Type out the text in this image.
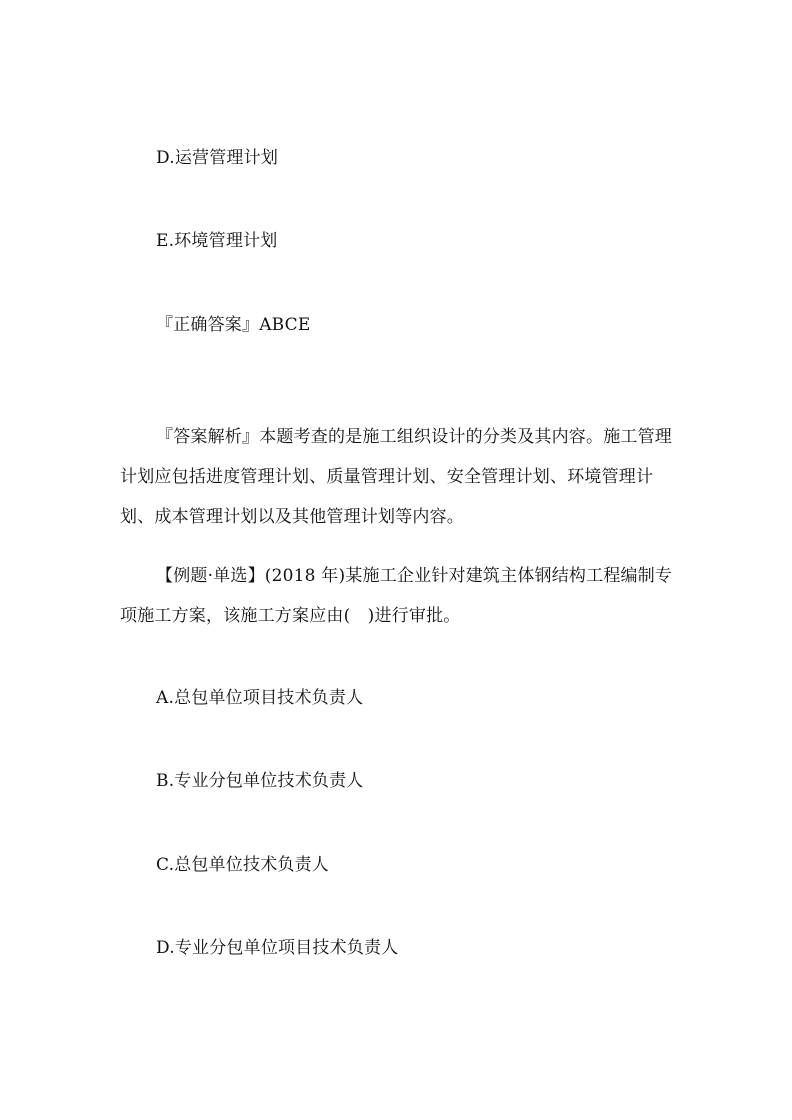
D.运营管理计划
E.环境管理计划
『正确答案』ABCE
『答案解析』本题考查的是施工组织设计的分类及其内容。施工管理计划应包括进度管理计划、质量管理计划、安全管理计划、环境管理计划、成本管理计划以及其他管理计划等内容。
【例题·单选】(2018 年)某施工企业针对建筑主体钢结构工程编制专项施工方案，该施工方案应由(　)进行审批。
A.总包单位项目技术负责人
B.专业分包单位技术负责人
C.总包单位技术负责人
D.专业分包单位项目技术负责人
